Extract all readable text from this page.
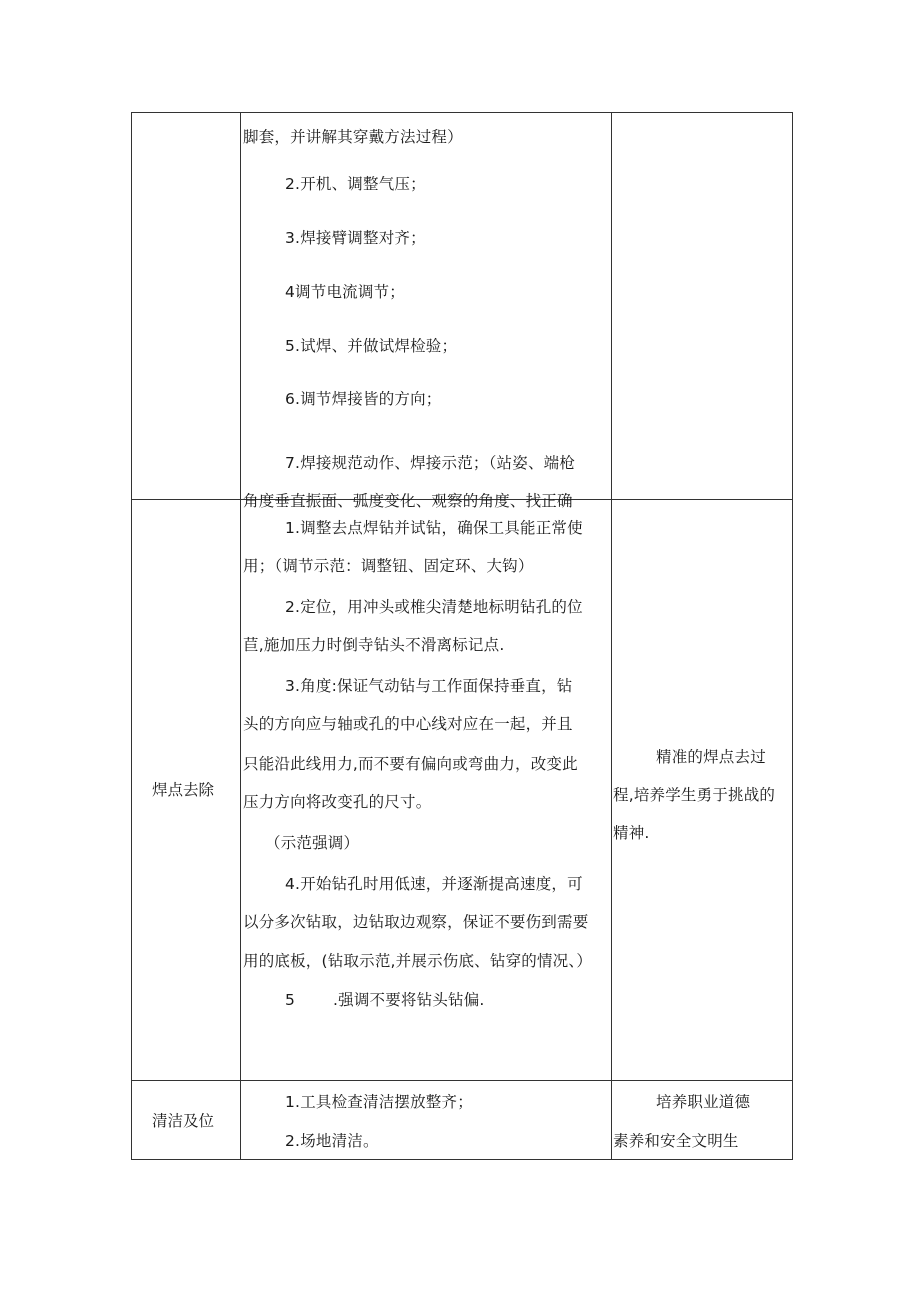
脚套，并讲解其穿戴方法过程）
2.开机、调整气压；
3.焊接臂调整对齐；
4调节电流调节；
5.试焊、并做试焊检验；
6.调节焊接皆的方向；
7.焊接规范动作、焊接示范；（站姿、端枪
角度垂直振面、弧度变化、观察的角度、找正确
焊点去除
1.调整去点焊钻并试钻，确保工具能正常使
用；（调节示范：调整钮、固定环、大钩）
2.定位，用冲头或椎尖清楚地标明钻孔的位
苣,施加压力时倒寺钻头不滑离标记点.
3.角度:保证气动钻与工作面保持垂直，钻
头的方向应与轴或孔的中心线对应在一起，并且
只能沿此线用力,而不要有偏向或弯曲力，改变此
压力方向将改变孔的尺寸。
（示范强调）
4.开始钻孔时用低速，并逐渐提高速度，可
以分多次钻取，边钻取边观察，保证不要伤到需要
用的底板，(钻取示范,并展示伤底、钻穿的情况、）
5 .强调不要将钻头钻偏.
精准的焊点去过
程,培养学生勇于挑战的
精神.
清洁及位
1.工具检查清洁摆放整齐；
2.场地清洁。
培养职业道德
素养和安全文明生
